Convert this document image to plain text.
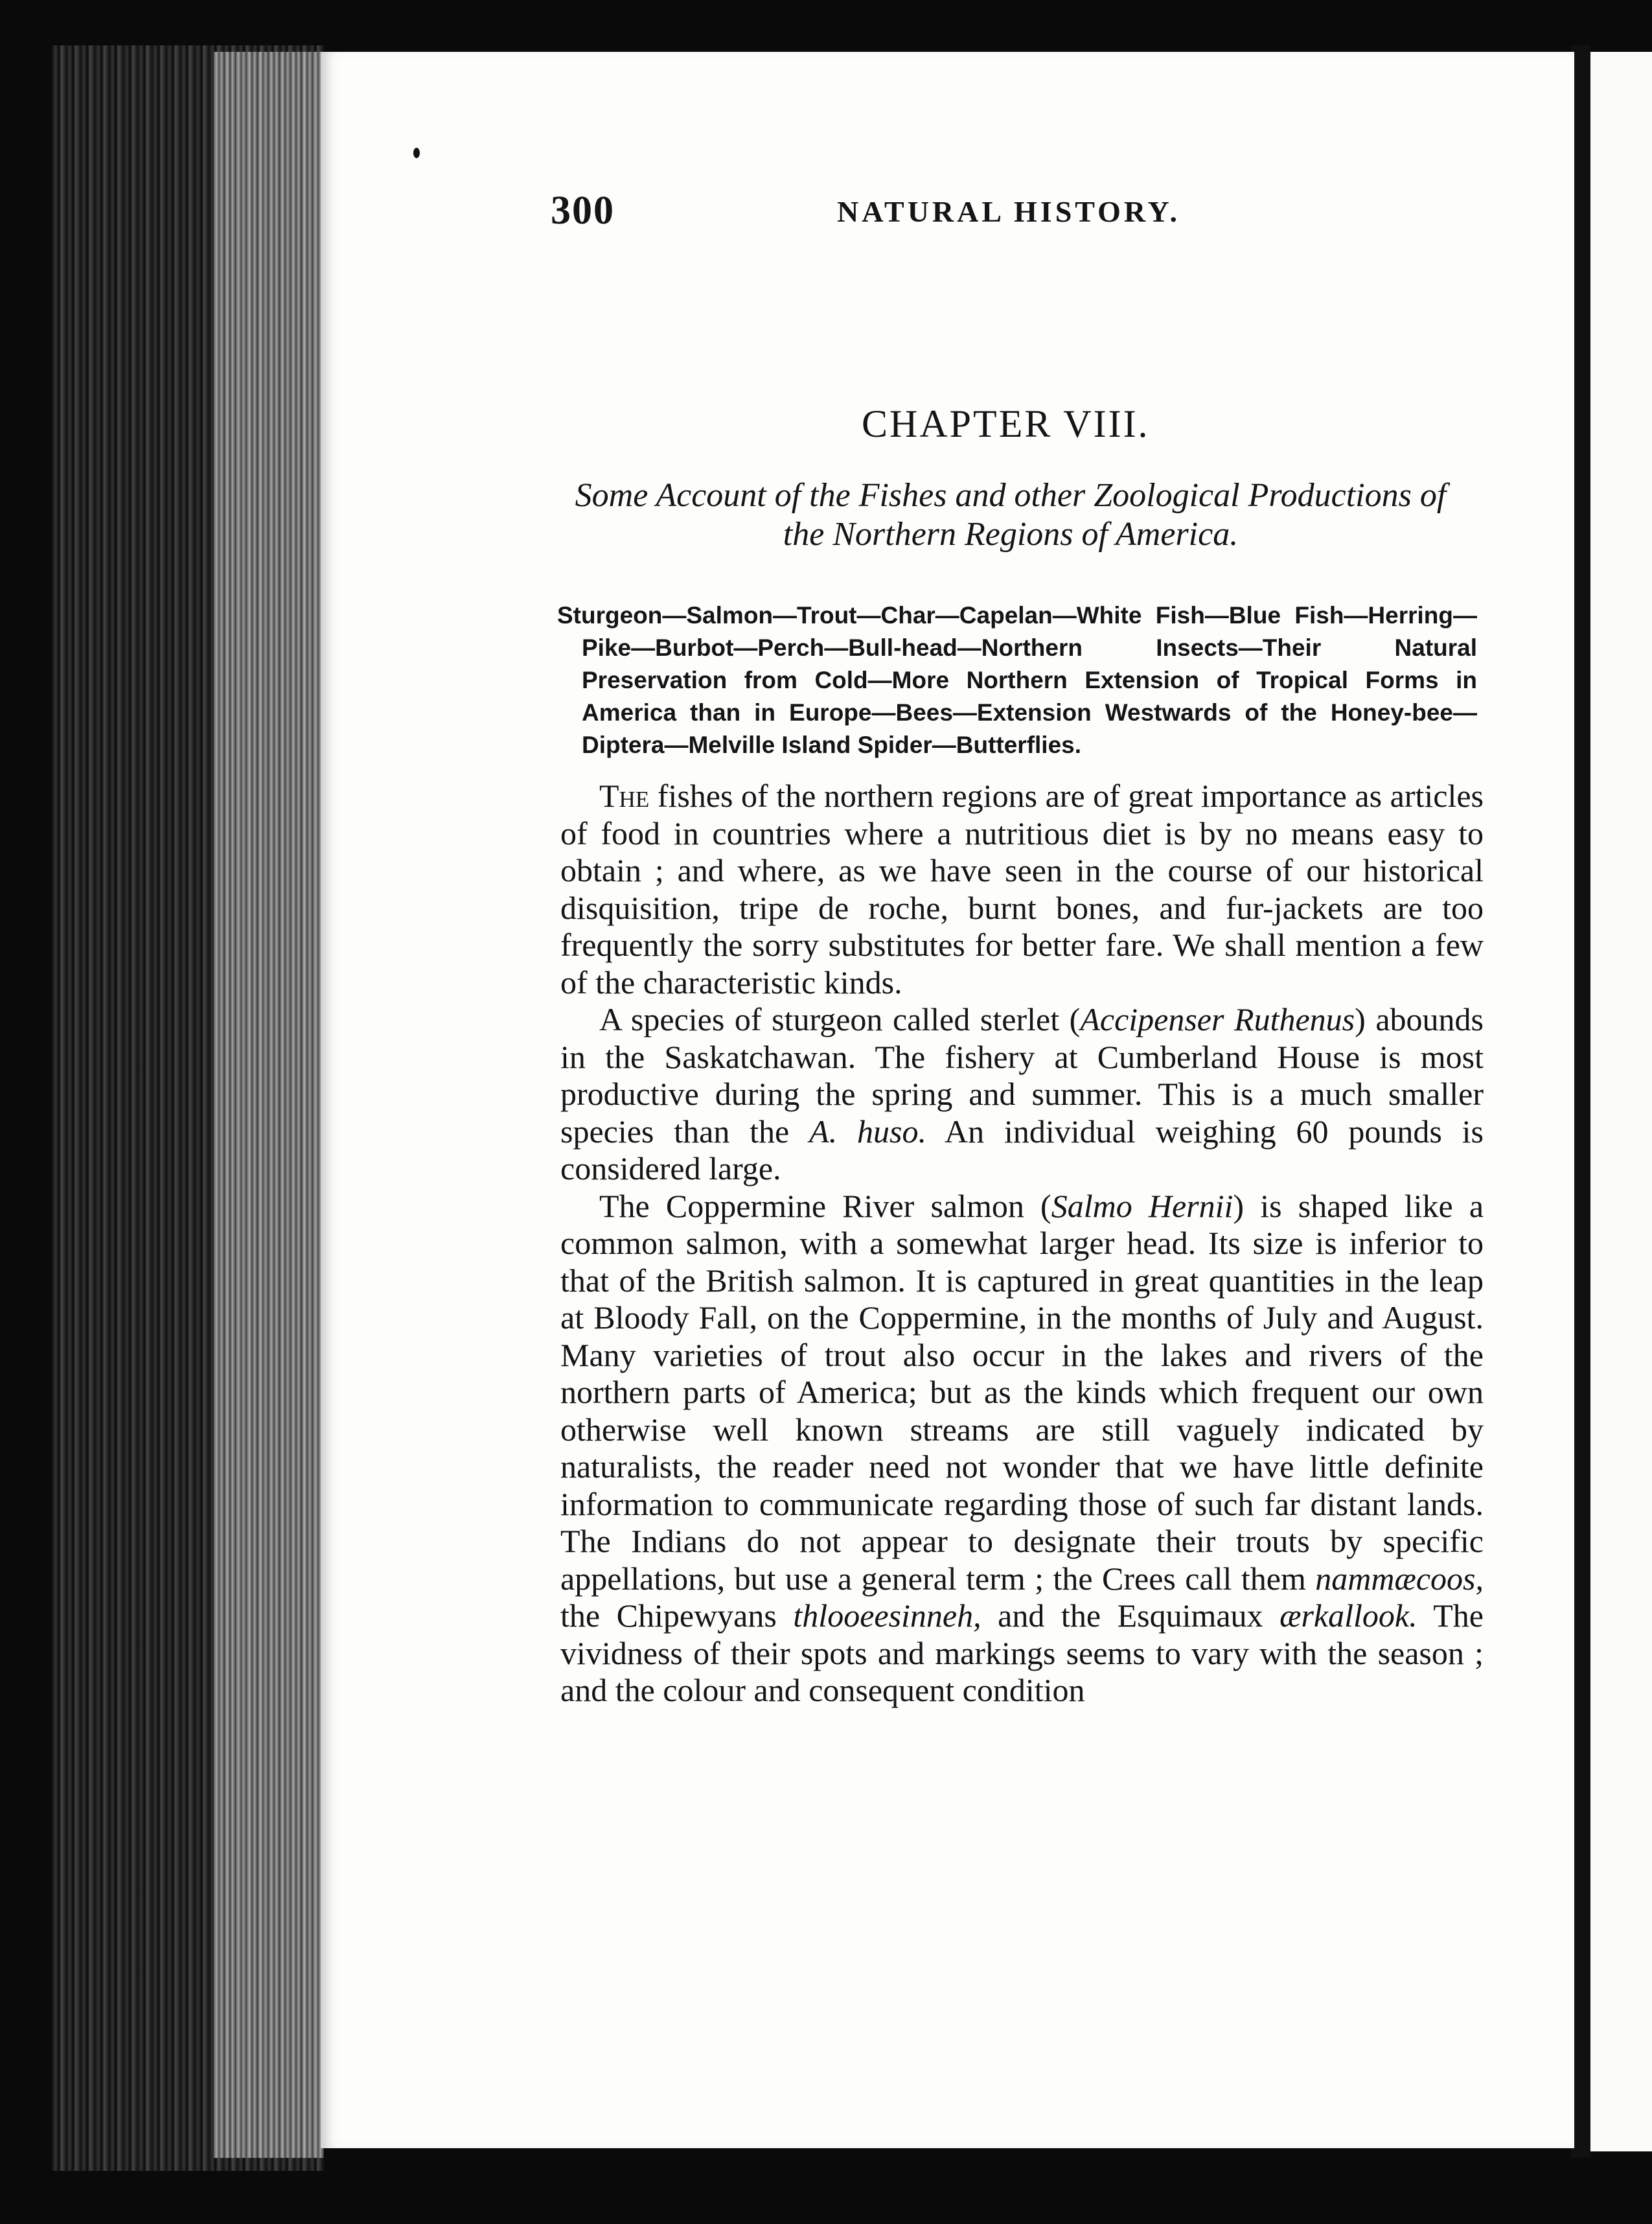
300	NATURAL HISTORY.
CHAPTER VIII.
Some Account of the Fishes and other Zoological Productions of the Northern Regions of America.
Sturgeon—Salmon—Trout—Char—Capelan—White Fish—Blue Fish—Herring—Pike—Burbot—Perch—Bull-head—Northern Insects—Their Natural Preservation from Cold—More Northern Extension of Tropical Forms in America than in Europe—Bees—Extension Westwards of the Honey-bee—Diptera—Melville Island Spider—Butterflies.

The fishes of the northern regions are of great importance as articles of food in countries where a nutritious diet is by no means easy to obtain ; and where, as we have seen in the course of our historical disquisition, tripe de roche, burnt bones, and fur-jackets are too frequently the sorry substitutes for better fare. We shall mention a few of the characteristic kinds.

A species of sturgeon called sterlet (Accipenser Ruthenus) abounds in the Saskatchawan. The fishery at Cumberland House is most productive during the spring and summer. This is a much smaller species than the A. huso. An individual weighing 60 pounds is considered large.

The Coppermine River salmon (Salmo Hernii) is shaped like a common salmon, with a somewhat larger head. Its size is inferior to that of the British salmon. It is captured in great quantities in the leap at Bloody Fall, on the Coppermine, in the months of July and August. Many varieties of trout also occur in the lakes and rivers of the northern parts of America; but as the kinds which frequent our own otherwise well known streams are still vaguely indicated by naturalists, the reader need not wonder that we have little definite information to communicate regarding those of such far distant lands. The Indians do not appear to designate their trouts by specific appellations, but use a general term ; the Crees call them nammæcoos, the Chipewyans thlooeesinneh, and the Esquimaux ærkallook. The vividness of their spots and markings seems to vary with the season ; and the colour and consequent condition
